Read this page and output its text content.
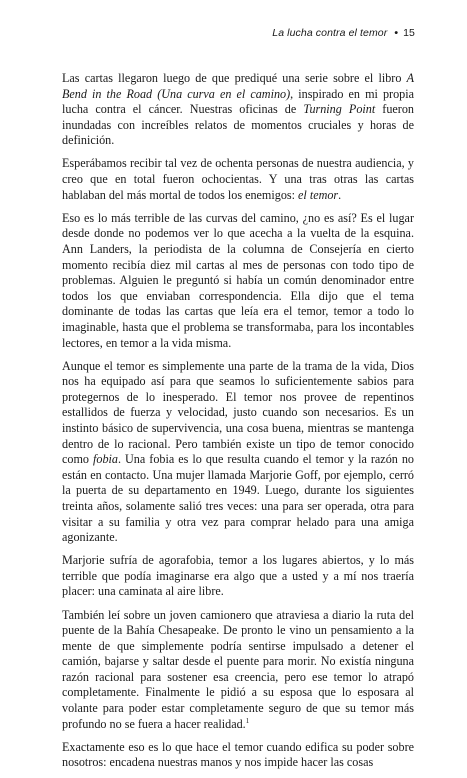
La lucha contra el temor • 15

Las cartas llegaron luego de que prediqué una serie sobre el libro A Bend in the Road (Una curva en el camino), inspirado en mi propia lucha contra el cáncer. Nuestras oficinas de Turning Point fueron inundadas con increíbles relatos de momentos cruciales y horas de definición.

Esperábamos recibir tal vez de ochenta personas de nuestra audiencia, y creo que en total fueron ochocientas. Y una tras otras las cartas hablaban del más mortal de todos los enemigos: el temor.

Eso es lo más terrible de las curvas del camino, ¿no es así? Es el lugar desde donde no podemos ver lo que acecha a la vuelta de la esquina. Ann Landers, la periodista de la columna de Consejería en cierto momento recibía diez mil cartas al mes de personas con todo tipo de problemas. Alguien le preguntó si había un común denominador entre todos los que enviaban correspondencia. Ella dijo que el tema dominante de todas las cartas que leía era el temor, temor a todo lo imaginable, hasta que el problema se transformaba, para los incontables lectores, en temor a la vida misma.

Aunque el temor es simplemente una parte de la trama de la vida, Dios nos ha equipado así para que seamos lo suficientemente sabios para protegernos de lo inesperado. El temor nos provee de repentinos estallidos de fuerza y velocidad, justo cuando son necesarios. Es un instinto básico de supervivencia, una cosa buena, mientras se mantenga dentro de lo racional. Pero también existe un tipo de temor conocido como fobia. Una fobia es lo que resulta cuando el temor y la razón no están en contacto. Una mujer llamada Marjorie Goff, por ejemplo, cerró la puerta de su departamento en 1949. Luego, durante los siguientes treinta años, solamente salió tres veces: una para ser operada, otra para visitar a su familia y otra vez para comprar helado para una amiga agonizante.

Marjorie sufría de agorafobia, temor a los lugares abiertos, y lo más terrible que podía imaginarse era algo que a usted y a mí nos traería placer: una caminata al aire libre.

También leí sobre un joven camionero que atraviesa a diario la ruta del puente de la Bahía Chesapeake. De pronto le vino un pensamiento a la mente de que simplemente podría sentirse impulsado a detener el camión, bajarse y saltar desde el puente para morir. No existía ninguna razón racional para sostener esa creencia, pero ese temor lo atrapó completamente. Finalmente le pidió a su esposa que lo esposara al volante para poder estar completamente seguro de que su temor más profundo no se fuera a hacer realidad.$^1$

Exactamente eso es lo que hace el temor cuando edifica su poder sobre nosotros: encadena nuestras manos y nos impide hacer las cosas
